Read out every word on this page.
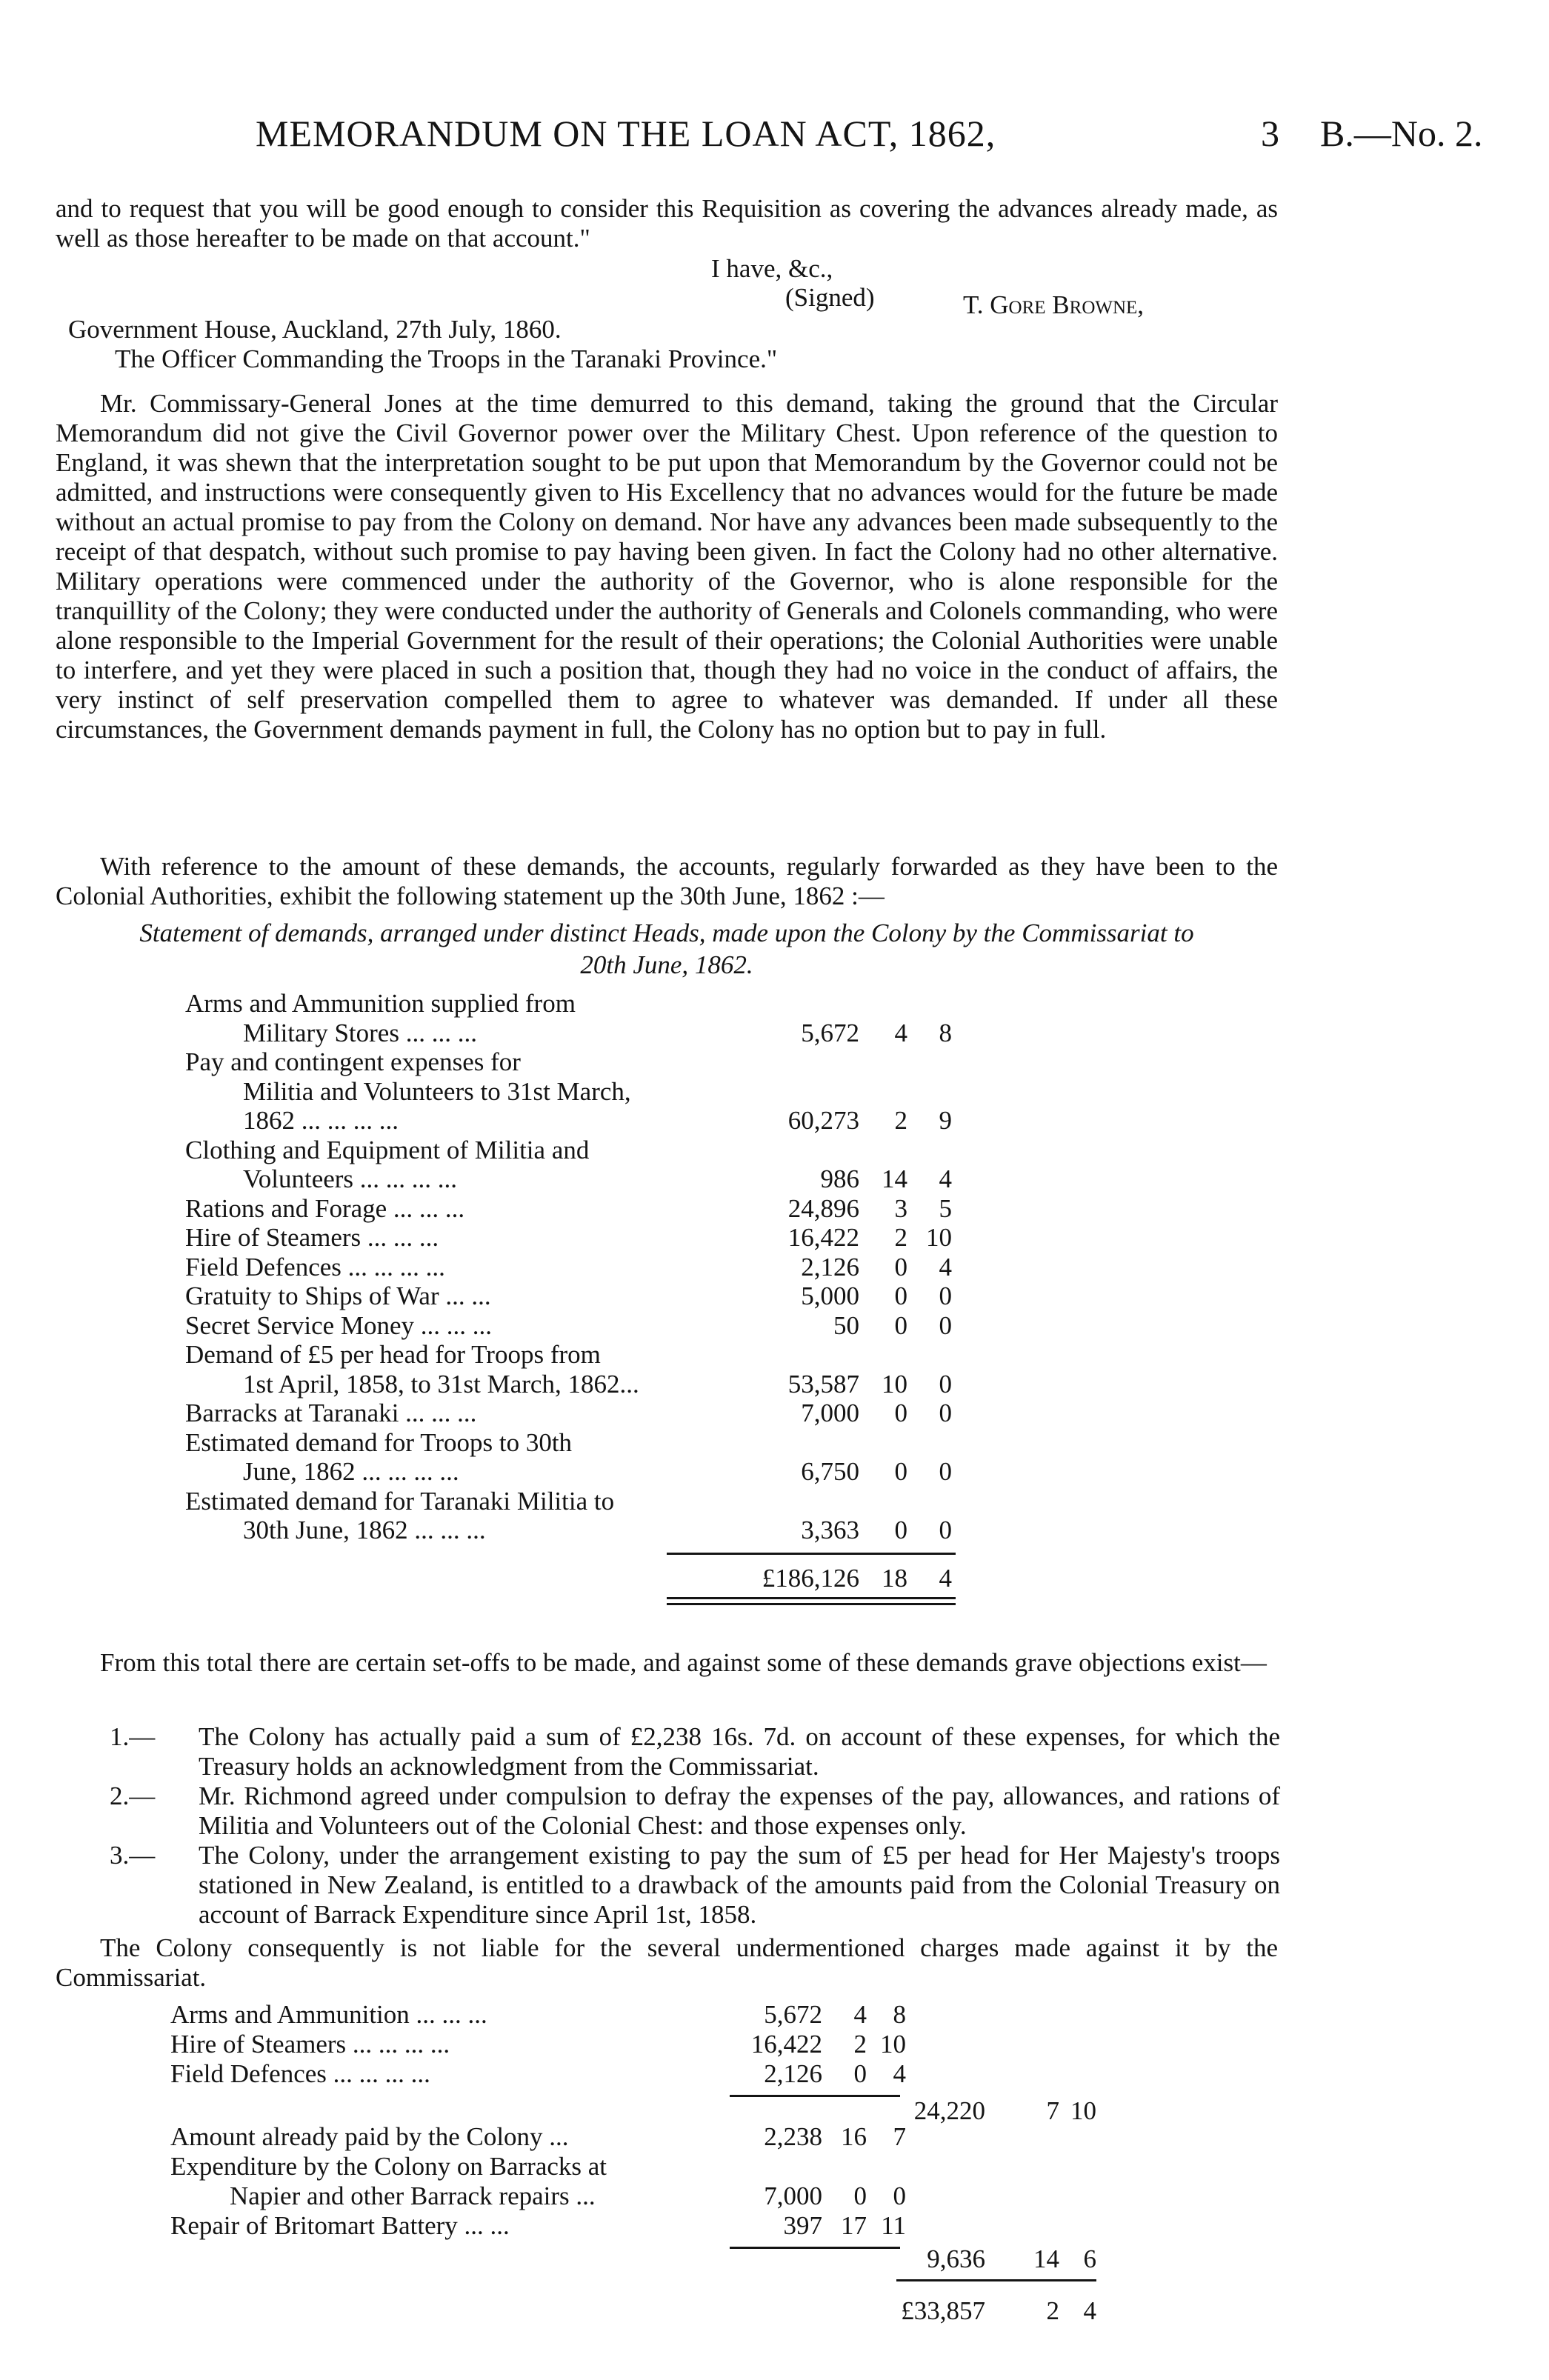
MEMORANDUM ON THE LOAN ACT, 1862,	3 B.—No. 2.
and to request that you will be good enough to consider this Requisition as covering the advances already made, as well as those hereafter to be made on that account."
I have, &c.,
(Signed)	T. Gore Browne,
Government House, Auckland, 27th July, 1860.
The Officer Commanding the Troops in the Taranaki Province."
Mr. Commissary-General Jones at the time demurred to this demand, taking the ground that the Circular Memorandum did not give the Civil Governor power over the Military Chest. Upon reference of the question to England, it was shewn that the interpretation sought to be put upon that Memorandum by the Governor could not be admitted, and instructions were consequently given to His Excellency that no advances would for the future be made without an actual promise to pay from the Colony on demand. Nor have any advances been made subsequently to the receipt of that despatch, without such promise to pay having been given. In fact the Colony had no other alternative. Military operations were commenced under the authority of the Governor, who is alone responsible for the tranquillity of the Colony; they were conducted under the authority of Generals and Colonels commanding, who were alone responsible to the Imperial Government for the result of their operations; the Colonial Authorities were unable to interfere, and yet they were placed in such a position that, though they had no voice in the conduct of affairs, the very instinct of self preservation compelled them to agree to whatever was demanded. If under all these circumstances, the Government demands payment in full, the Colony has no option but to pay in full.
With reference to the amount of these demands, the accounts, regularly forwarded as they have been to the Colonial Authorities, exhibit the following statement up the 30th June, 1862 :—
Statement of demands, arranged under distinct Heads, made upon the Colony by the Commissariat to
20th June, 1862.
Arms and Ammunition supplied from
Military Stores ... ... ...	5,672	4	8
Pay and contingent expenses for
Militia and Volunteers to 31st March,
1862 ... ... ... ...	60,273	2	9
Clothing and Equipment of Militia and
Volunteers ... ... ... ...	986 14	4
Rations and Forage ... ... ...	24,896	3	5
Hire of Steamers ... ... ...	16,422	2 10
Field Defences ... ... ... ...	2,126	0	4
Gratuity to Ships of War ... ...	5,000	0	0
Secret Service Money ... ... ...	50	0	0
Demand of £5 per head for Troops from
1st April, 1858, to 31st March, 1862...	53,587 10	0
Barracks at Taranaki ... ... ...	7,000	0	0
Estimated demand for Troops to 30th
June, 1862 ... ... ... ...	6,750	0	0
Estimated demand for Taranaki Militia to
30th June, 1862 ... ... ...	3,363	0	0
£186,126 18	4
From this total there are certain set-offs to be made, and against some of these demands grave objections exist—
1.— The Colony has actually paid a sum of £2,238 16s. 7d. on account of these expenses, for which the Treasury holds an acknowledgment from the Commissariat.
2.— Mr. Richmond agreed under compulsion to defray the expenses of the pay, allowances, and rations of Militia and Volunteers out of the Colonial Chest: and those expenses only.
3.— The Colony, under the arrangement existing to pay the sum of £5 per head for Her Majesty's troops stationed in New Zealand, is entitled to a drawback of the amounts paid from the Colonial Treasury on account of Barrack Expenditure since April 1st, 1858.
The Colony consequently is not liable for the several undermentioned charges made against it by the Commissariat.
Arms and Ammunition ... ... ...	5,672	4	8
Hire of Steamers ... ... ... ...	16,422	2 10
Field Defences ... ... ... ...	2,126	0	4
24,220	7 10
Amount already paid by the Colony ...	2,238 16	7
Expenditure by the Colony on Barracks at
Napier and other Barrack repairs ...	7,000	0	0
Repair of Britomart Battery ... ...	397 17 11
9,636	14 6
£33,857	2 4
